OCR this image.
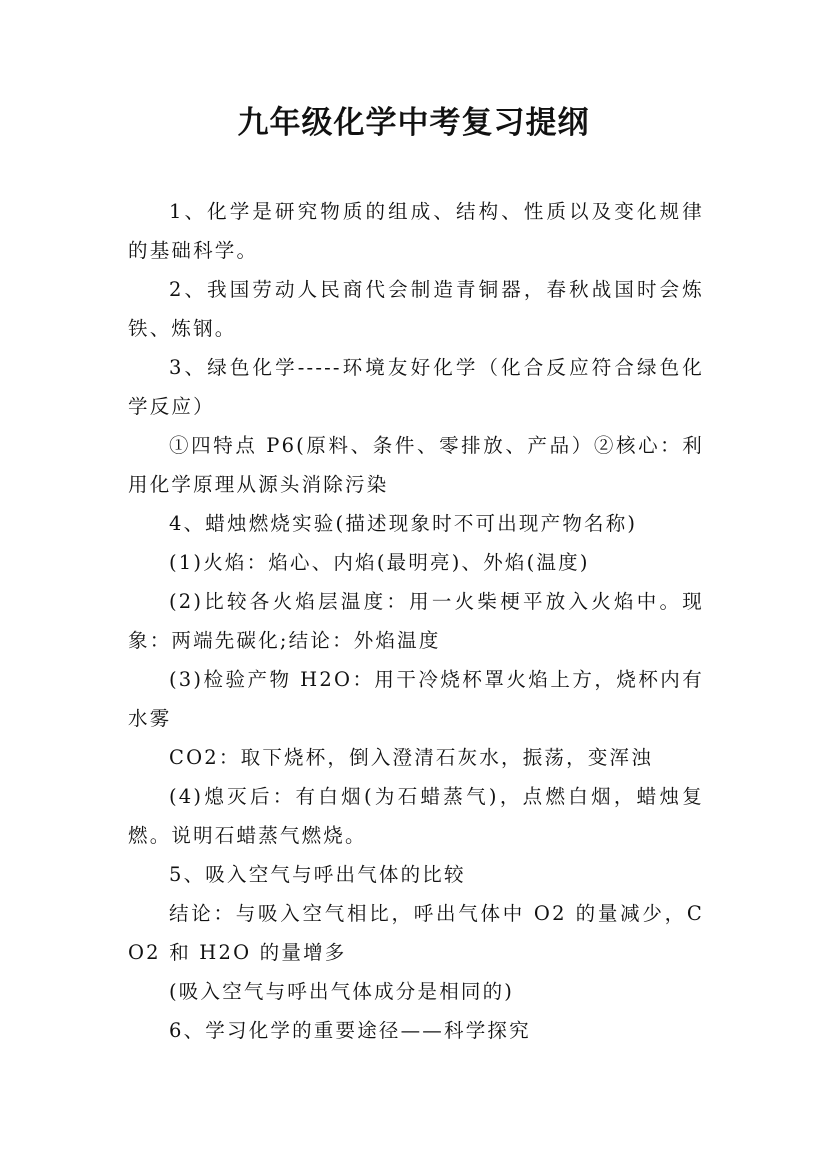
九年级化学中考复习提纲

1、化学是研究物质的组成、结构、性质以及变化规律的基础科学。

2、我国劳动人民商代会制造青铜器，春秋战国时会炼铁、炼钢。

3、绿色化学-----环境友好化学（化合反应符合绿色化学反应）

①四特点 P6(原料、条件、零排放、产品）②核心：利用化学原理从源头消除污染

4、蜡烛燃烧实验(描述现象时不可出现产物名称)

(1)火焰：焰心、内焰(最明亮)、外焰(温度)

(2)比较各火焰层温度：用一火柴梗平放入火焰中。现象：两端先碳化;结论：外焰温度

(3)检验产物 H2O：用干冷烧杯罩火焰上方，烧杯内有水雾

CO2：取下烧杯，倒入澄清石灰水，振荡，变浑浊

(4)熄灭后：有白烟(为石蜡蒸气)，点燃白烟，蜡烛复燃。说明石蜡蒸气燃烧。

5、吸入空气与呼出气体的比较

结论：与吸入空气相比，呼出气体中 O2 的量减少，CO2 和 H2O 的量增多

(吸入空气与呼出气体成分是相同的)

6、学习化学的重要途径——科学探究
